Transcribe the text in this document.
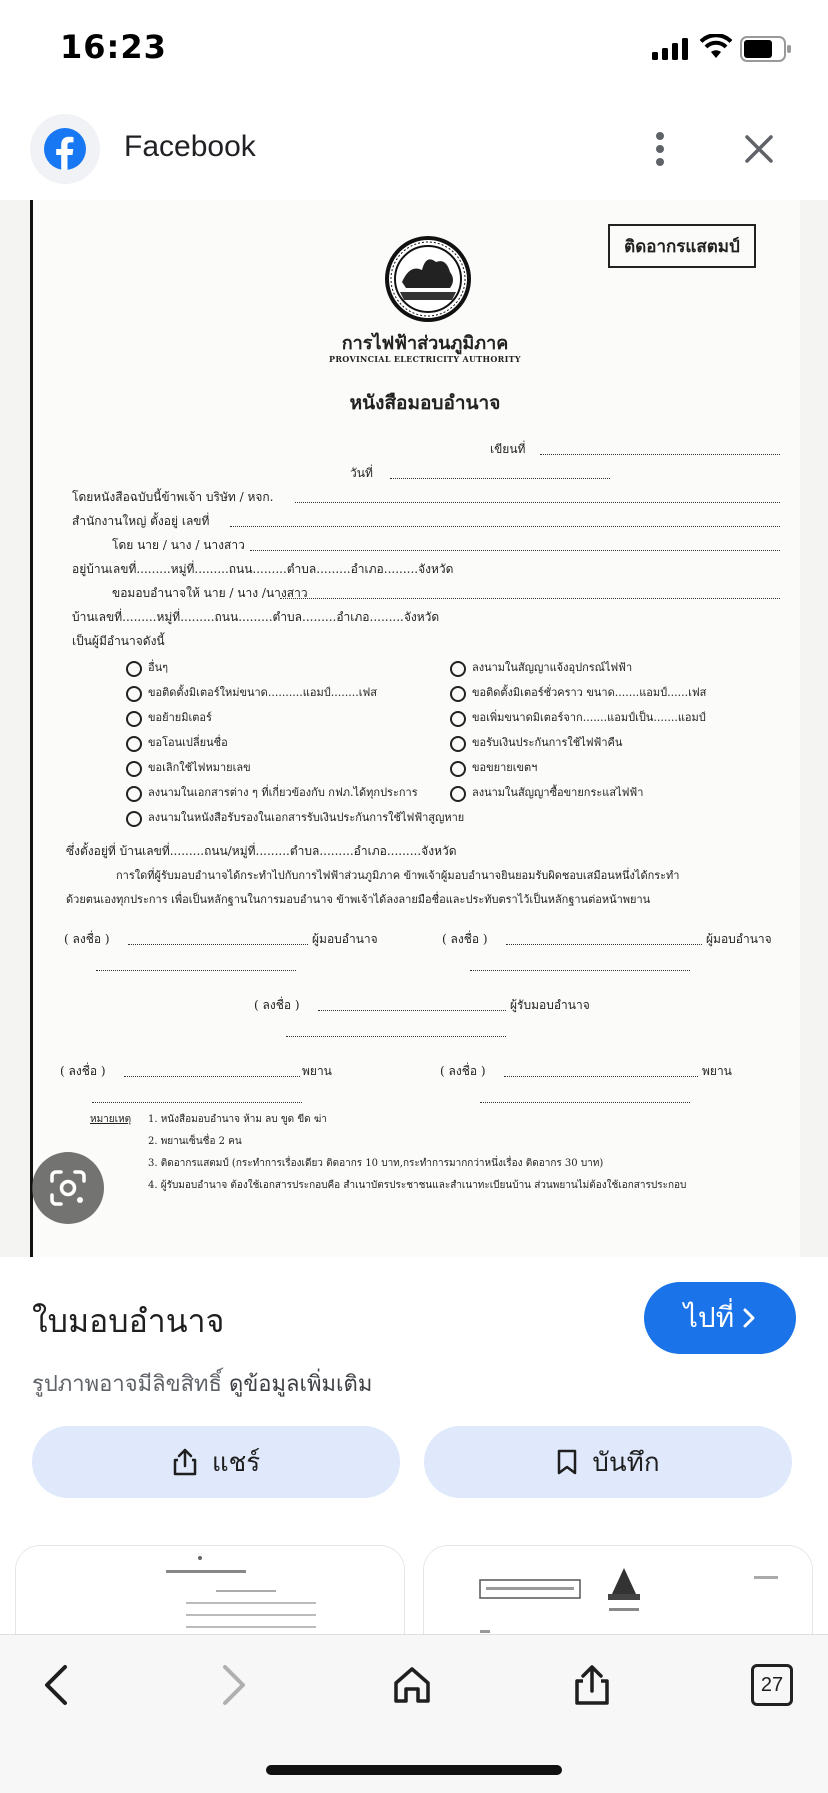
16:23
Facebook
ติดอากรแสตมป์
การไฟฟ้าส่วนภูมิภาค
PROVINCIAL ELECTRICITY AUTHORITY
หนังสือมอบอำนาจ
เขียนที่
วันที่
โดยหนังสือฉบับนี้ข้าพเจ้า บริษัท / หจก.
สำนักงานใหญ่ ตั้งอยู่ เลขที่
โดย นาย / นาง / นางสาว
อยู่บ้านเลขที่.........หมู่ที่.........ถนน.........ตำบล.........อำเภอ.........จังหวัด
ขอมอบอำนาจให้ นาย / นาง /นางสาว
บ้านเลขที่.........หมู่ที่.........ถนน.........ตำบล.........อำเภอ.........จังหวัด
เป็นผู้มีอำนาจดังนี้
อื่นๆ
ขอติดตั้งมิเตอร์ใหม่ขนาด..........แอมป์........เฟส
ขอย้ายมิเตอร์
ขอโอนเปลี่ยนชื่อ
ขอเลิกใช้ไฟหมายเลข
ลงนามในเอกสารต่าง ๆ ที่เกี่ยวข้องกับ กฟภ.ได้ทุกประการ
ลงนามในหนังสือรับรองในเอกสารรับเงินประกันการใช้ไฟฟ้าสูญหาย
ลงนามในสัญญาแจ้งอุปกรณ์ไฟฟ้า
ขอติดตั้งมิเตอร์ชั่วคราว ขนาด.......แอมป์......เฟส
ขอเพิ่มขนาดมิเตอร์จาก.......แอมป์เป็น.......แอมป์
ขอรับเงินประกันการใช้ไฟฟ้าคืน
ขอขยายเขตฯ
ลงนามในสัญญาซื้อขายกระแสไฟฟ้า
ซึ่งตั้งอยู่ที่ บ้านเลขที่.........ถนน/หมู่ที่.........ตำบล.........อำเภอ.........จังหวัด
การใดที่ผู้รับมอบอำนาจได้กระทำไปกับการไฟฟ้าส่วนภูมิภาค ข้าพเจ้าผู้มอบอำนาจยินยอมรับผิดชอบเสมือนหนึ่งได้กระทำ
ด้วยตนเองทุกประการ เพื่อเป็นหลักฐานในการมอบอำนาจ ข้าพเจ้าได้ลงลายมือชื่อและประทับตราไว้เป็นหลักฐานต่อหน้าพยาน
( ลงชื่อ )	ผู้มอบอำนาจ	( ลงชื่อ )	ผู้มอบอำนาจ
( ลงชื่อ )	ผู้รับมอบอำนาจ
( ลงชื่อ )	พยาน	( ลงชื่อ )	พยาน
หมายเหตุ 1. หนังสือมอบอำนาจ ห้าม ลบ ขูด ขีด ฆ่า
2. พยานเซ็นชื่อ 2 คน
3. ติดอากรแสตมป์ (กระทำการเรื่องเดียว ติดอากร 10 บาท,กระทำการมากกว่าหนึ่งเรื่อง ติดอากร 30 บาท)
4. ผู้รับมอบอำนาจ ต้องใช้เอกสารประกอบคือ สำเนาบัตรประชาชนและสำเนาทะเบียนบ้าน ส่วนพยานไม่ต้องใช้เอกสารประกอบ
ใบมอบอำนาจ	ไปที่
รูปภาพอาจมีลิขสิทธิ์ ดูข้อมูลเพิ่มเติม
แชร์	บันทึก
27
